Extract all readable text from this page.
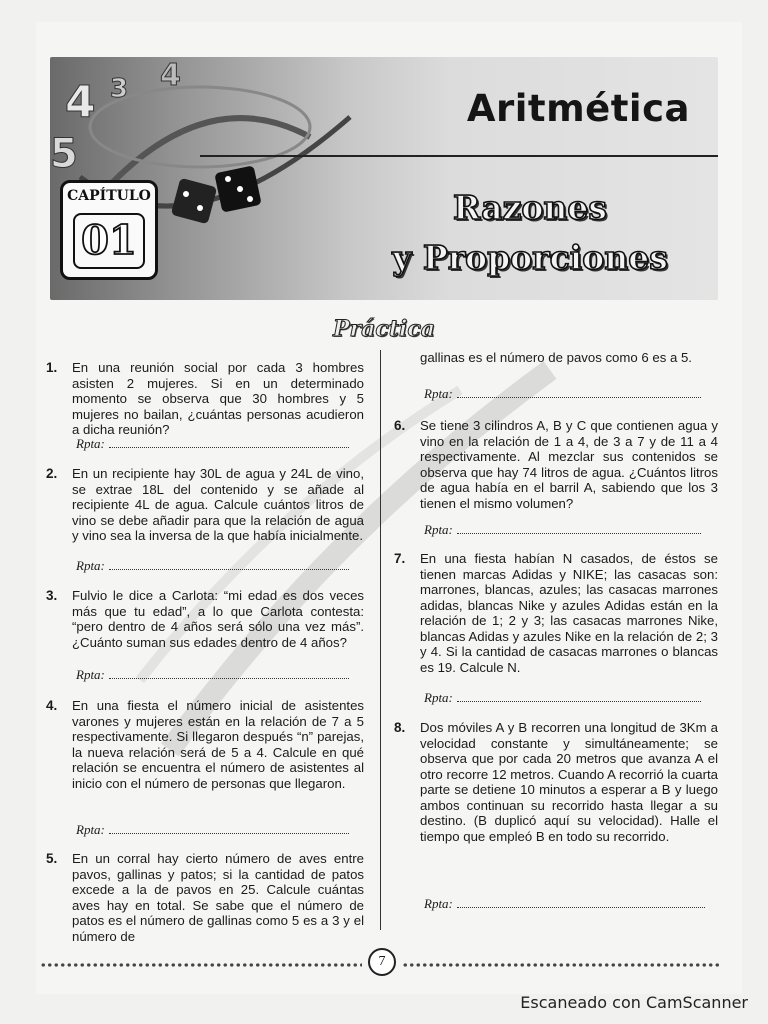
4 3
5
4
Aritmética
Razones
y Proporciones
CAPÍTULO
01
Práctica
1. En una reunión social por cada 3 hombres asisten 2 mujeres. Si en un determinado momento se observa que 30 hombres y 5 mujeres no bailan, ¿cuántas personas acudieron a dicha reunión?
Rpta:
2. En un recipiente hay 30L de agua y 24L de vino, se extrae 18L del contenido y se añade al recipiente 4L de agua. Calcule cuántos litros de vino se debe añadir para que la relación de agua y vino sea la inversa de la que había inicialmente.
Rpta:
3. Fulvio le dice a Carlota: “mi edad es dos veces más que tu edad”, a lo que Carlota contesta: “pero dentro de 4 años será sólo una vez más”. ¿Cuánto suman sus edades dentro de 4 años?
Rpta:
4. En una fiesta el número inicial de asistentes varones y mujeres están en la relación de 7 a 5 respectivamente. Si llegaron después “n” parejas, la nueva relación será de 5 a 4. Calcule en qué relación se encuentra el número de asistentes al inicio con el número de personas que llegaron.
Rpta:
5. En un corral hay cierto número de aves entre pavos, gallinas y patos; si la cantidad de patos excede a la de pavos en 25. Calcule cuántas aves hay en total. Se sabe que el número de patos es el número de gallinas como 5 es a 3 y el número de
gallinas es el número de pavos como 6 es a 5.
Rpta:
6. Se tiene 3 cilindros A, B y C que contienen agua y vino en la relación de 1 a 4, de 3 a 7 y de 11 a 4 respectivamente. Al mezclar sus contenidos se observa que hay 74 litros de agua. ¿Cuántos litros de agua había en el barril A, sabiendo que los 3 tienen el mismo volumen?
Rpta:
7. En una fiesta habían N casados, de éstos se tienen marcas Adidas y NIKE; las casacas son: marrones, blancas, azules; las casacas marrones adidas, blancas Nike y azules Adidas están en la relación de 1; 2 y 3; las casacas marrones Nike, blancas Adidas y azules Nike en la relación de 2; 3 y 4. Si la cantidad de casacas marrones o blancas es 19. Calcule N.
Rpta:
8. Dos móviles A y B recorren una longitud de 3Km a velocidad constante y simultáneamente; se observa que por cada 20 metros que avanza A el otro recorre 12 metros. Cuando A recorrió la cuarta parte se detiene 10 minutos a esperar a B y luego ambos continuan su recorrido hasta llegar a su destino. (B duplicó aquí su velocidad). Halle el tiempo que empleó B en todo su recorrido.
Rpta:
7
Escaneado con CamScanner
